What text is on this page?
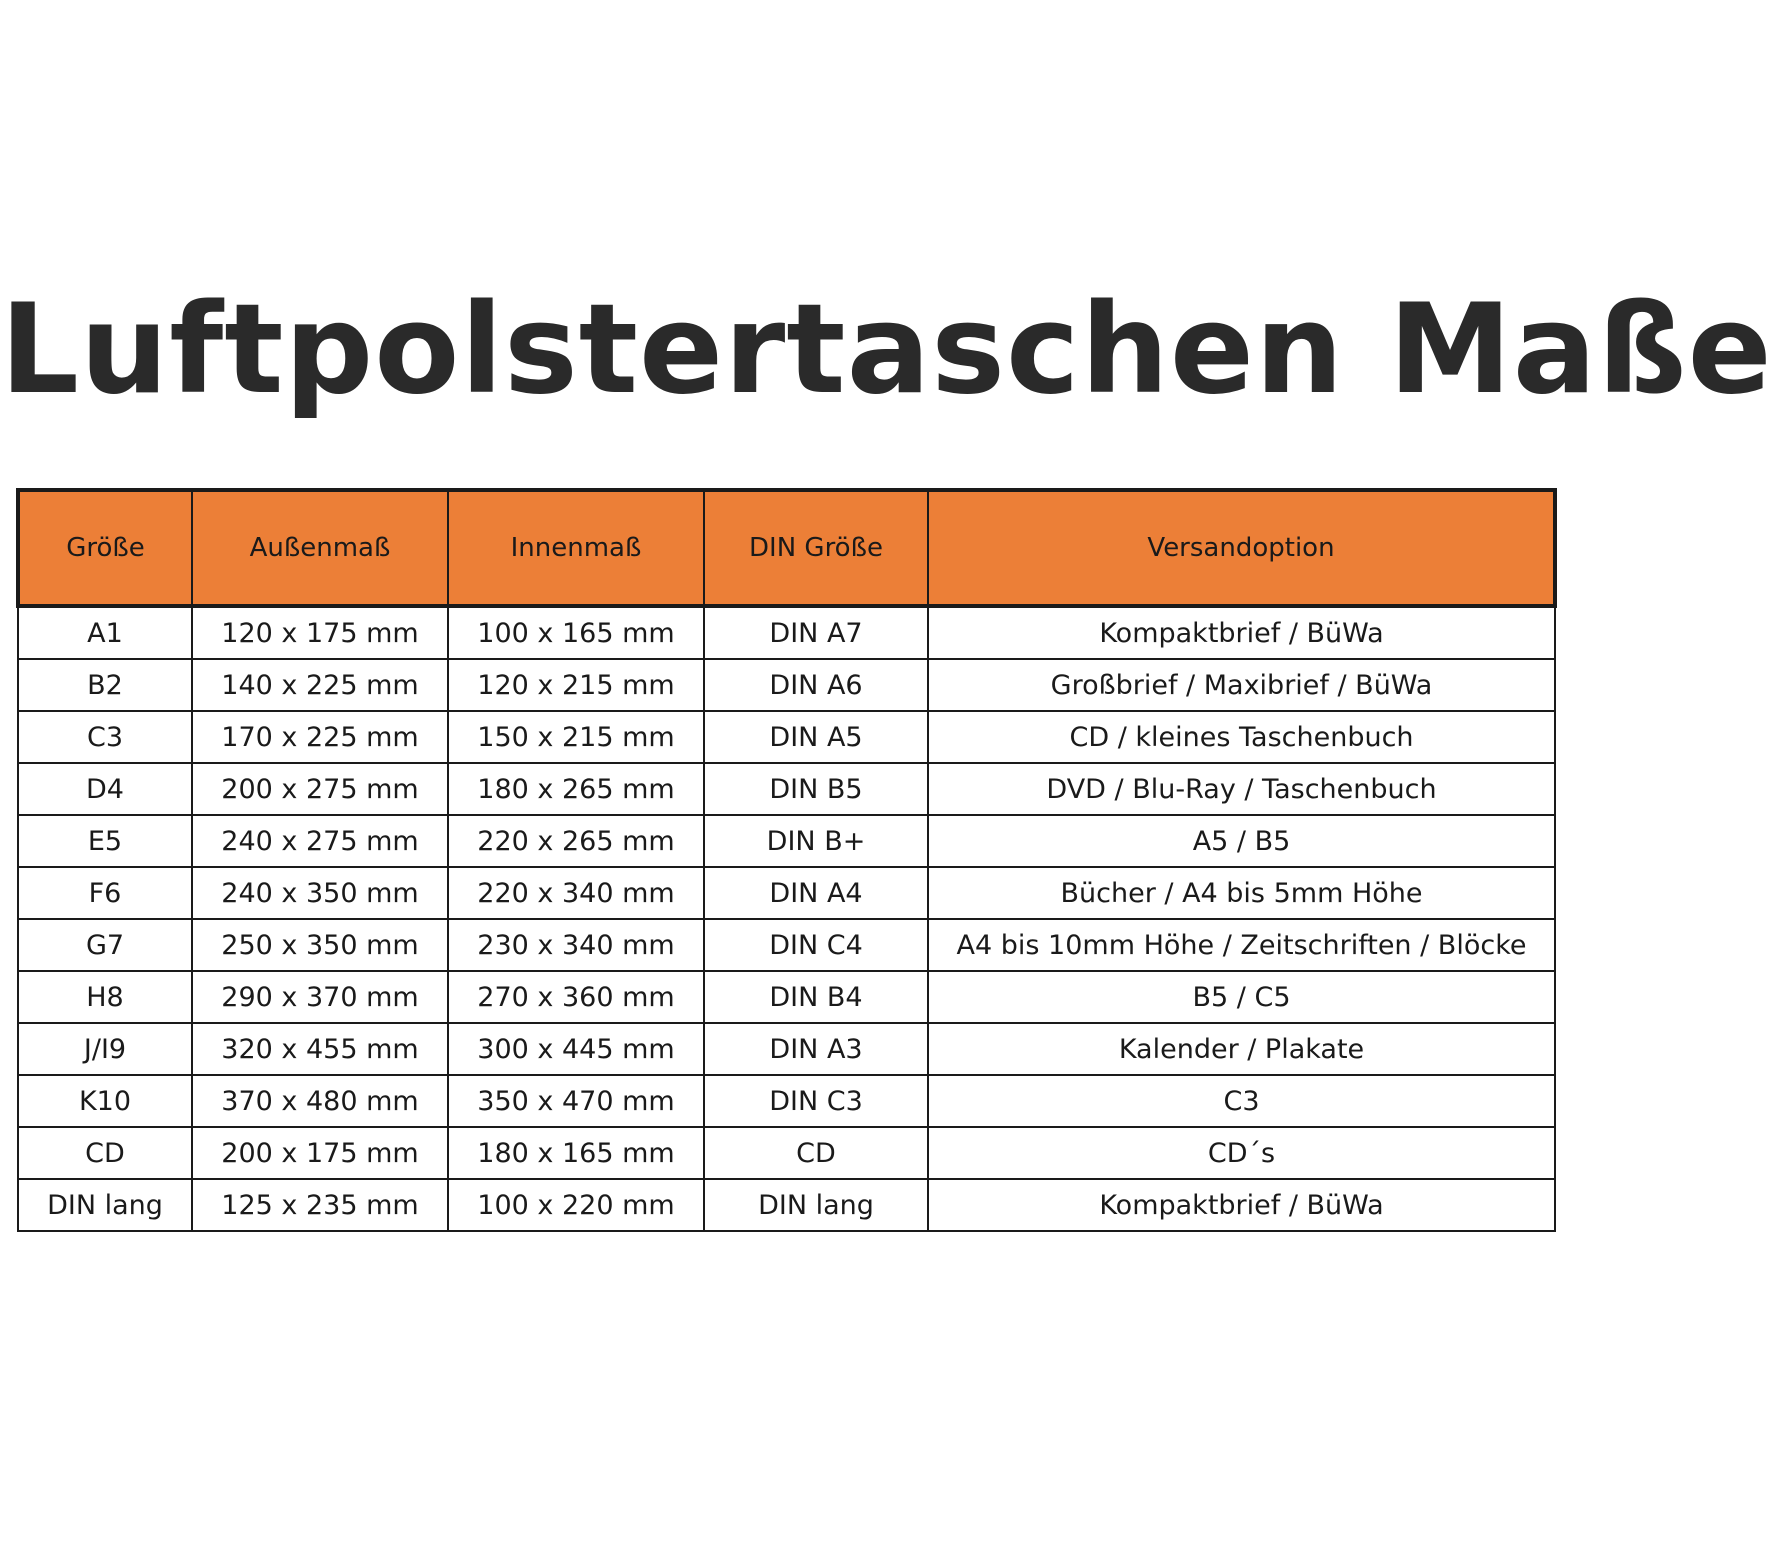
Luftpolstertaschen Maße
Größe	Außenmaß	Innenmaß	DIN Größe	Versandoption
A1	120 x 175 mm	100 x 165 mm	DIN A7	Kompaktbrief / BüWa
B2	140 x 225 mm	120 x 215 mm	DIN A6	Großbrief / Maxibrief / BüWa
C3	170 x 225 mm	150 x 215 mm	DIN A5	CD / kleines Taschenbuch
D4	200 x 275 mm	180 x 265 mm	DIN B5	DVD / Blu-Ray / Taschenbuch
E5	240 x 275 mm	220 x 265 mm	DIN B+	A5 / B5
F6	240 x 350 mm	220 x 340 mm	DIN A4	Bücher / A4 bis 5mm Höhe
G7	250 x 350 mm	230 x 340 mm	DIN C4	A4 bis 10mm Höhe / Zeitschriften / Blöcke
H8	290 x 370 mm	270 x 360 mm	DIN B4	B5 / C5
J/I9	320 x 455 mm	300 x 445 mm	DIN A3	Kalender / Plakate
K10	370 x 480 mm	350 x 470 mm	DIN C3	C3
CD	200 x 175 mm	180 x 165 mm	CD	CD´s
DIN lang	125 x 235 mm	100 x 220 mm	DIN lang	Kompaktbrief / BüWa
